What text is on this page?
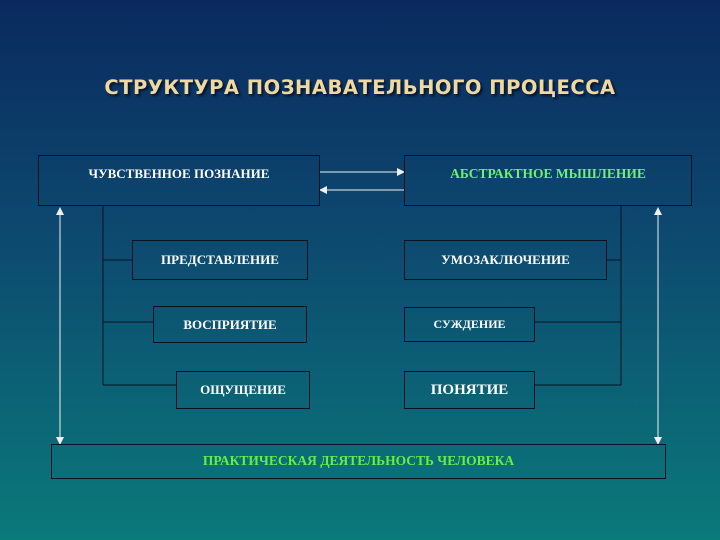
СТРУКТУРА ПОЗНАВАТЕЛЬНОГО ПРОЦЕССА
ЧУВСТВЕННОЕ ПОЗНАНИЕ	АБСТРАКТНОЕ МЫШЛЕНИЕ
ПРЕДСТАВЛЕНИЕ
ВОСПРИЯТИЕ
ОЩУЩЕНИЕ
УМОЗАКЛЮЧЕНИЕ
СУЖДЕНИЕ
ПОНЯТИЕ
ПРАКТИЧЕСКАЯ ДЕЯТЕЛЬНОСТЬ ЧЕЛОВЕКА
